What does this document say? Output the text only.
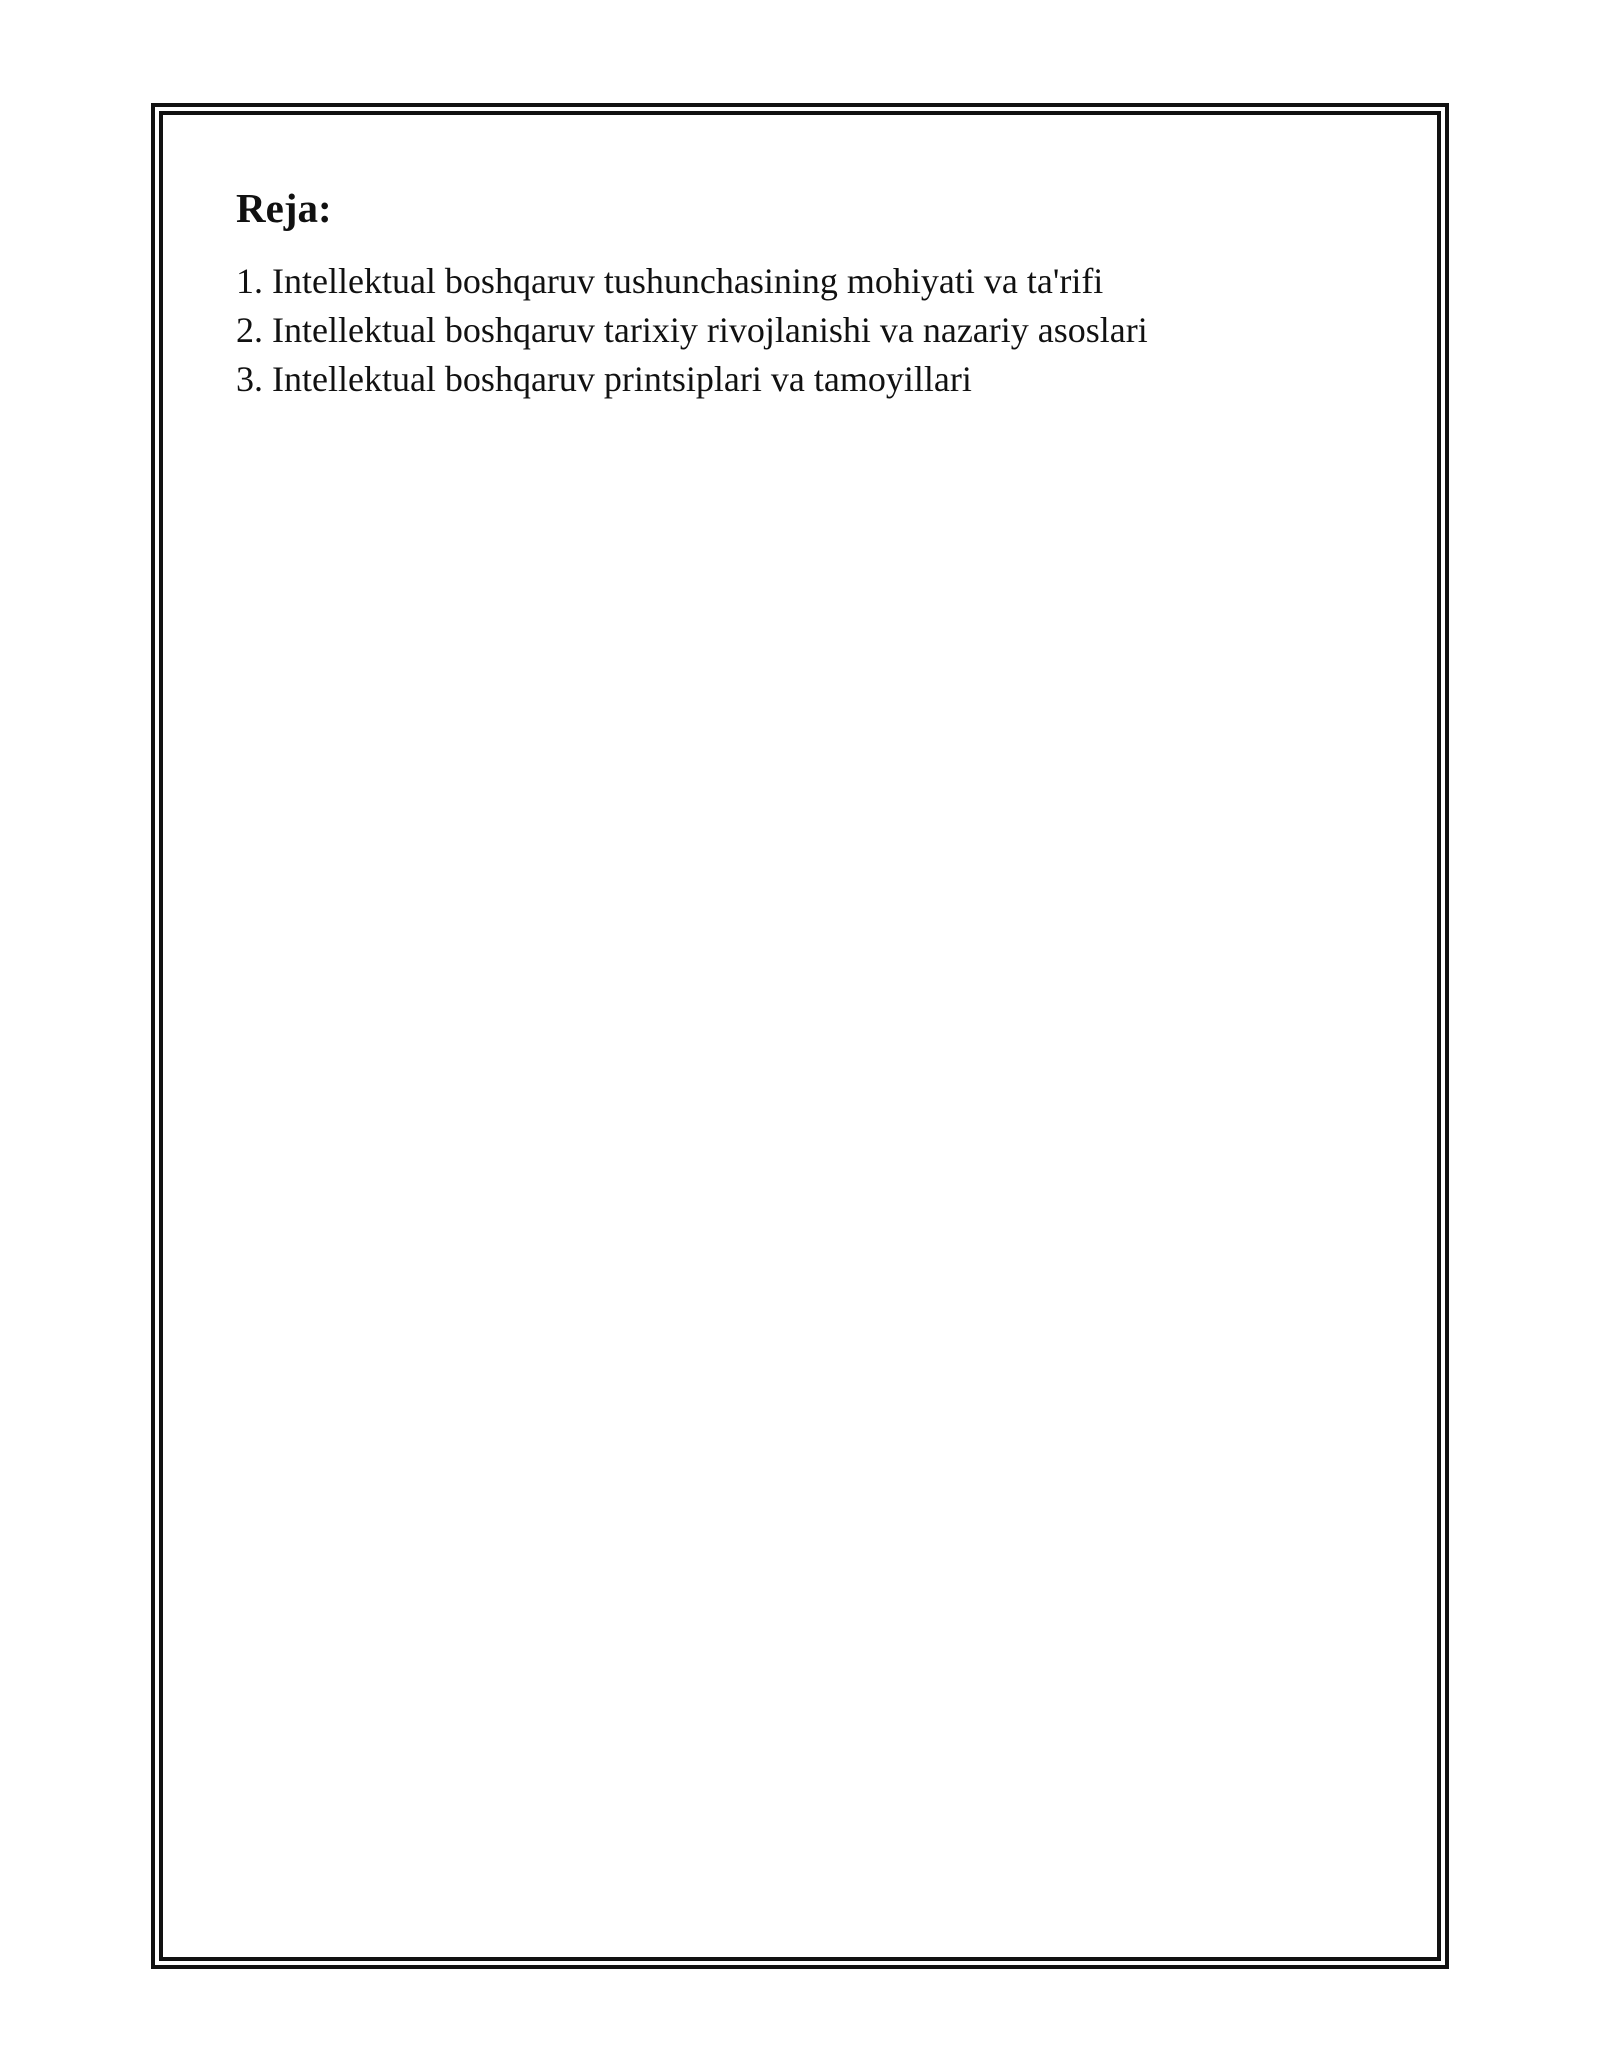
Reja:
1. Intellektual boshqaruv tushunchasining mohiyati va ta'rifi
2. Intellektual boshqaruv tarixiy rivojlanishi va nazariy asoslari
3. Intellektual boshqaruv printsiplari va tamoyillari
